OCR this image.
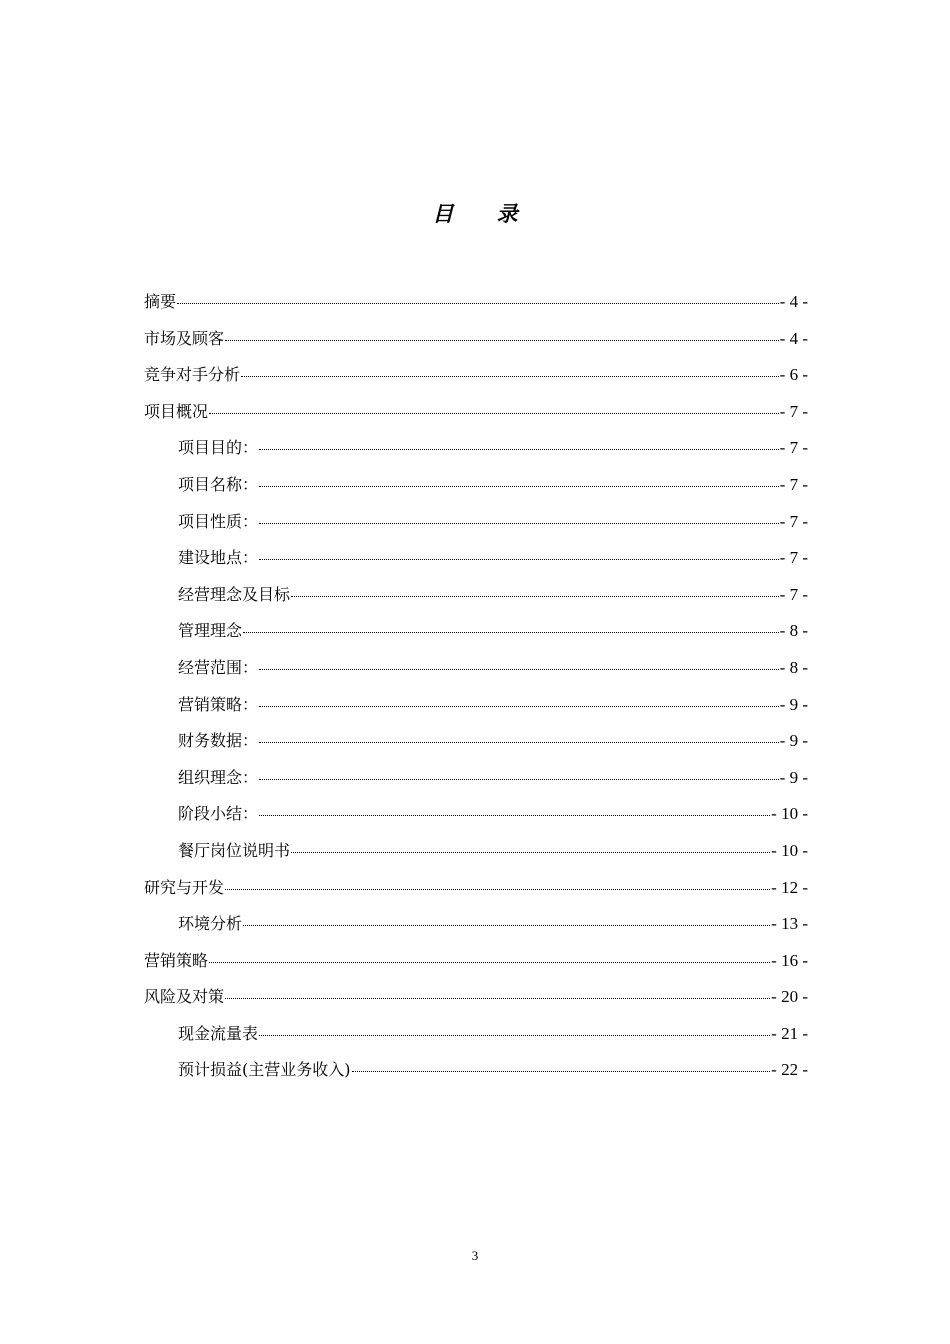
目 录
摘要	- 4 -
市场及顾客	- 4 -
竞争对手分析	- 6 -
项目概况	- 7 -
项目目的：	- 7 -
项目名称：	- 7 -
项目性质：	- 7 -
建设地点：	- 7 -
经营理念及目标	- 7 -
管理理念	- 8 -
经营范围：	- 8 -
营销策略：	- 9 -
财务数据：	- 9 -
组织理念：	- 9 -
阶段小结：	- 10 -
餐厅岗位说明书	- 10 -
研究与开发	- 12 -
环境分析	- 13 -
营销策略	- 16 -
风险及对策	- 20 -
现金流量表	- 21 -
预计损益(主营业务收入)	- 22 -
3
